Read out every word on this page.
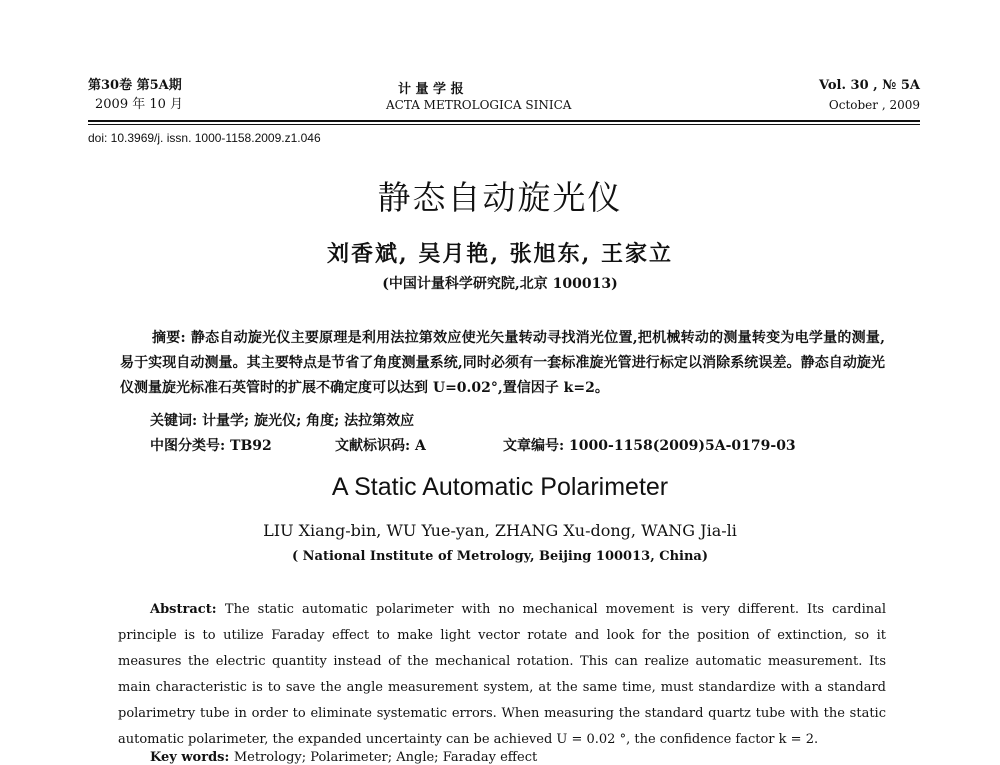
第30卷 第5A期
2009 年 10 月
计 量 学 报
ACTA METROLOGICA SINICA
Vol. 30 , № 5A
October , 2009
doi: 10.3969/j. issn. 1000-1158.2009.z1.046
静态自动旋光仪
刘香斌, 吴月艳, 张旭东, 王家立
(中国计量科学研究院,北京 100013)
摘要: 静态自动旋光仪主要原理是利用法拉第效应使光矢量转动寻找消光位置,把机械转动的测量转变为电学量的测量,易于实现自动测量。其主要特点是节省了角度测量系统,同时必须有一套标准旋光管进行标定以消除系统误差。静态自动旋光仪测量旋光标准石英管时的扩展不确定度可以达到 U=0.02°,置信因子 k=2。
关键词: 计量学; 旋光仪; 角度; 法拉第效应
中图分类号: TB92	文献标识码: A	文章编号: 1000-1158(2009)5A-0179-03
A Static Automatic Polarimeter
LIU Xiang-bin, WU Yue-yan, ZHANG Xu-dong, WANG Jia-li
( National Institute of Metrology, Beijing 100013, China)
Abstract: The static automatic polarimeter with no mechanical movement is very different. Its cardinal principle is to utilize Faraday effect to make light vector rotate and look for the position of extinction, so it measures the electric quantity instead of the mechanical rotation. This can realize automatic measurement. Its main characteristic is to save the angle measurement system, at the same time, must standardize with a standard polarimetry tube in order to eliminate systematic errors. When measuring the standard quartz tube with the static automatic polarimeter, the expanded uncertainty can be achieved U = 0.02 °, the confidence factor k = 2.
Key words: Metrology; Polarimeter; Angle; Faraday effect
